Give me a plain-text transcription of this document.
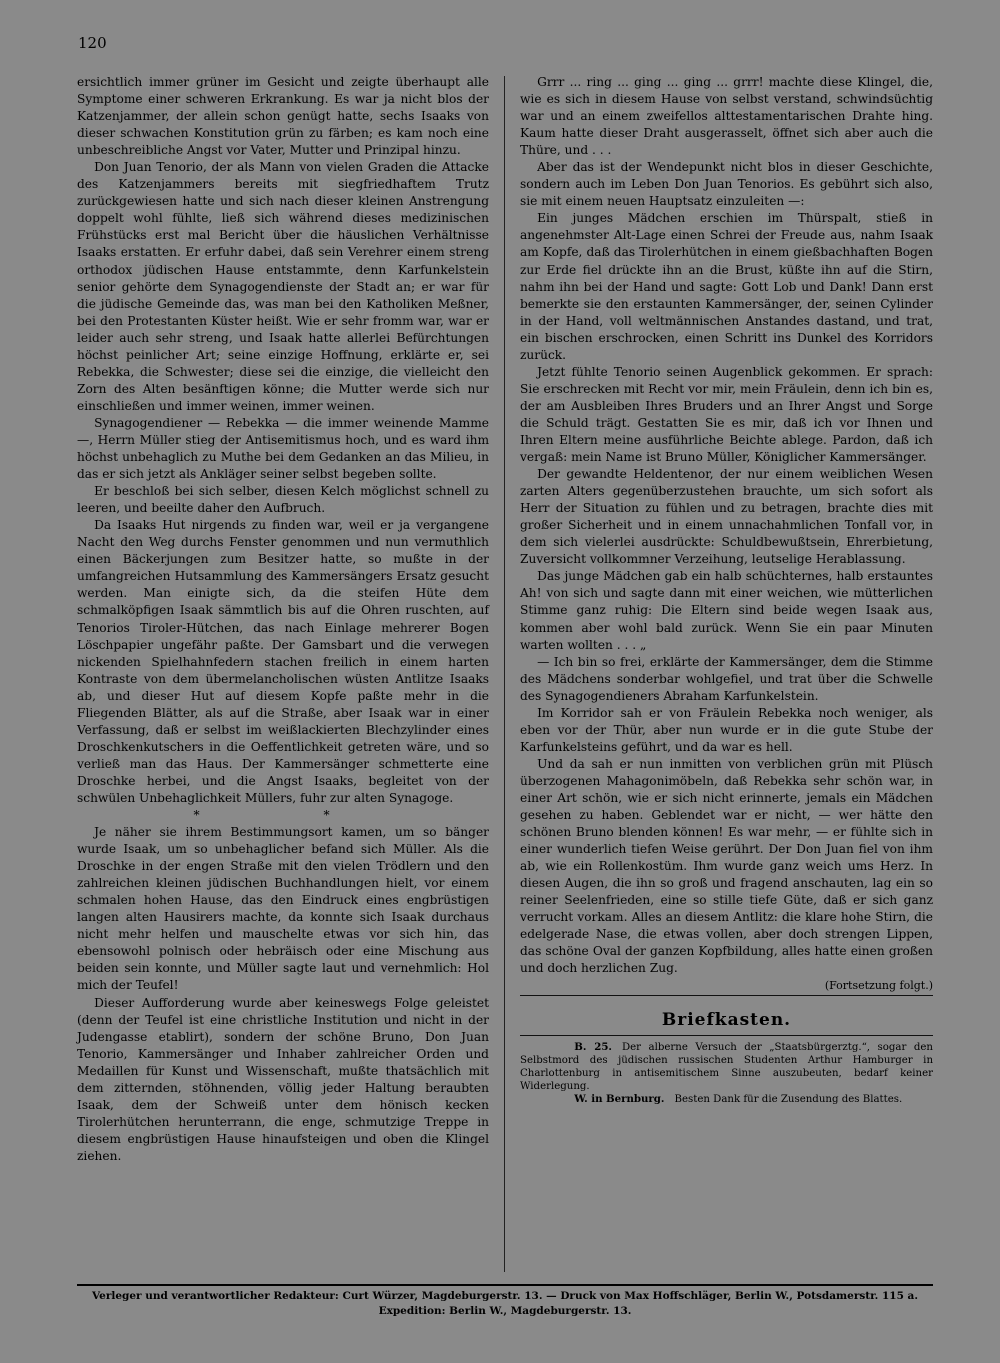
120

ersichtlich immer grüner im Gesicht und zeigte überhaupt alle Symptome einer schweren Erkrankung. Es war ja nicht blos der Katzenjammer, der allein schon genügt hatte, sechs Isaaks von dieser schwachen Konstitution grün zu färben; es kam noch eine unbeschreibliche Angst vor Vater, Mutter und Prinzipal hinzu.

Don Juan Tenorio, der als Mann von vielen Graden die Attacke des Katzenjammers bereits mit siegfriedhaftem Trutz zurückgewiesen hatte und sich nach dieser kleinen Anstrengung doppelt wohl fühlte, ließ sich während dieses medizinischen Frühstücks erst mal Bericht über die häuslichen Verhältnisse Isaaks erstatten. Er erfuhr dabei, daß sein Verehrer einem streng orthodox jüdischen Hause entstammte, denn Karfunkelstein senior gehörte dem Synagogendienste der Stadt an; er war für die jüdische Gemeinde das, was man bei den Katholiken Meßner, bei den Protestanten Küster heißt. Wie er sehr fromm war, war er leider auch sehr streng, und Isaak hatte allerlei Befürchtungen höchst peinlicher Art; seine einzige Hoffnung, erklärte er, sei Rebekka, die Schwester; diese sei die einzige, die vielleicht den Zorn des Alten besänftigen könne; die Mutter werde sich nur einschließen und immer weinen, immer weinen.

Synagogendiener — Rebekka — die immer weinende Mamme —, Herrn Müller stieg der Antisemitismus hoch, und es ward ihm höchst unbehaglich zu Muthe bei dem Gedanken an das Milieu, in das er sich jetzt als Ankläger seiner selbst begeben sollte.

Er beschloß bei sich selber, diesen Kelch möglichst schnell zu leeren, und beeilte daher den Aufbruch.

Da Isaaks Hut nirgends zu finden war, weil er ja vergangene Nacht den Weg durchs Fenster genommen und nun vermuthlich einen Bäckerjungen zum Besitzer hatte, so mußte in der umfangreichen Hutsammlung des Kammersängers Ersatz gesucht werden. Man einigte sich, da die steifen Hüte dem schmalköpfigen Isaak sämmtlich bis auf die Ohren ruschten, auf Tenorios Tiroler-Hütchen, das nach Einlage mehrerer Bogen Löschpapier ungefähr paßte. Der Gamsbart und die verwegen nickenden Spielhahnfedern stachen freilich in einem harten Kontraste von dem übermelancholischen wüsten Antlitze Isaaks ab, und dieser Hut auf diesem Kopfe paßte mehr in die Fliegenden Blätter, als auf die Straße, aber Isaak war in einer Verfassung, daß er selbst im weißlackierten Blechzylinder eines Droschkenkutschers in die Oeffentlichkeit getreten wäre, und so verließ man das Haus. Der Kammersänger schmetterte eine Droschke herbei, und die Angst Isaaks, begleitet von der schwülen Unbehaglichkeit Müllers, fuhr zur alten Synagoge.

* *

Je näher sie ihrem Bestimmungsort kamen, um so bänger wurde Isaak, um so unbehaglicher befand sich Müller. Als die Droschke in der engen Straße mit den vielen Trödlern und den zahlreichen kleinen jüdischen Buchhandlungen hielt, vor einem schmalen hohen Hause, das den Eindruck eines engbrüstigen langen alten Hausirers machte, da konnte sich Isaak durchaus nicht mehr helfen und mauschelte etwas vor sich hin, das ebensowohl polnisch oder hebräisch oder eine Mischung aus beiden sein konnte, und Müller sagte laut und vernehmlich: Hol mich der Teufel!

Dieser Aufforderung wurde aber keineswegs Folge geleistet (denn der Teufel ist eine christliche Institution und nicht in der Judengasse etablirt), sondern der schöne Bruno, Don Juan Tenorio, Kammersänger und Inhaber zahlreicher Orden und Medaillen für Kunst und Wissenschaft, mußte thatsächlich mit dem zitternden, stöhnenden, völlig jeder Haltung beraubten Isaak, dem der Schweiß unter dem hönisch kecken Tirolerhütchen herunterrann, die enge, schmutzige Treppe in diesem engbrüstigen Hause hinaufsteigen und oben die Klingel ziehen.

Grrr ... ring ... ging ... ging ... grrr! machte diese Klingel, die, wie es sich in diesem Hause von selbst verstand, schwindsüchtig war und an einem zweifellos alttestamentarischen Drahte hing. Kaum hatte dieser Draht ausgerasselt, öffnet sich aber auch die Thüre, und . . .

Aber das ist der Wendepunkt nicht blos in dieser Geschichte, sondern auch im Leben Don Juan Tenorios. Es gebührt sich also, sie mit einem neuen Hauptsatz einzuleiten —:

Ein junges Mädchen erschien im Thürspalt, stieß in angenehmster Alt-Lage einen Schrei der Freude aus, nahm Isaak am Kopfe, daß das Tirolerhütchen in einem gießbachhaften Bogen zur Erde fiel drückte ihn an die Brust, küßte ihn auf die Stirn, nahm ihn bei der Hand und sagte: Gott Lob und Dank! Dann erst bemerkte sie den erstaunten Kammersänger, der, seinen Cylinder in der Hand, voll weltmännischen Anstandes dastand, und trat, ein bischen erschrocken, einen Schritt ins Dunkel des Korridors zurück.

Jetzt fühlte Tenorio seinen Augenblick gekommen. Er sprach: Sie erschrecken mit Recht vor mir, mein Fräulein, denn ich bin es, der am Ausbleiben Ihres Bruders und an Ihrer Angst und Sorge die Schuld trägt. Gestatten Sie es mir, daß ich vor Ihnen und Ihren Eltern meine ausführliche Beichte ablege. Pardon, daß ich vergaß: mein Name ist Bruno Müller, Königlicher Kammersänger.

Der gewandte Heldentenor, der nur einem weiblichen Wesen zarten Alters gegenüberzustehen brauchte, um sich sofort als Herr der Situation zu fühlen und zu betragen, brachte dies mit großer Sicherheit und in einem unnachahmlichen Tonfall vor, in dem sich vielerlei ausdrückte: Schuldbewußtsein, Ehrerbietung, Zuversicht vollkommner Verzeihung, leutselige Herablassung.

Das junge Mädchen gab ein halb schüchternes, halb erstauntes Ah! von sich und sagte dann mit einer weichen, wie mütterlichen Stimme ganz ruhig: Die Eltern sind beide wegen Isaak aus, kommen aber wohl bald zurück. Wenn Sie ein paar Minuten warten wollten . . . „

— Ich bin so frei, erklärte der Kammersänger, dem die Stimme des Mädchens sonderbar wohlgefiel, und trat über die Schwelle des Synagogendieners Abraham Karfunkelstein.

Im Korridor sah er von Fräulein Rebekka noch weniger, als eben vor der Thür, aber nun wurde er in die gute Stube der Karfunkelsteins geführt, und da war es hell.

Und da sah er nun inmitten von verblichen grün mit Plüsch überzogenen Mahagonimöbeln, daß Rebekka sehr schön war, in einer Art schön, wie er sich nicht erinnerte, jemals ein Mädchen gesehen zu haben. Geblendet war er nicht, — wer hätte den schönen Bruno blenden können! Es war mehr, — er fühlte sich in einer wunderlich tiefen Weise gerührt. Der Don Juan fiel von ihm ab, wie ein Rollenkostüm. Ihm wurde ganz weich ums Herz. In diesen Augen, die ihn so groß und fragend anschauten, lag ein so reiner Seelenfrieden, eine so stille tiefe Güte, daß er sich ganz verrucht vorkam. Alles an diesem Antlitz: die klare hohe Stirn, die edelgerade Nase, die etwas vollen, aber doch strengen Lippen, das schöne Oval der ganzen Kopfbildung, alles hatte einen großen und doch herzlichen Zug.

(Fortsetzung folgt.)

Briefkasten.

B. 25. Der alberne Versuch der „Staatsbürgerztg.“, sogar den Selbstmord des jüdischen russischen Studenten Arthur Hamburger in Charlottenburg in antisemitischem Sinne auszubeuten, bedarf keiner Widerlegung.

W. in Bernburg. Besten Dank für die Zusendung des Blattes.

Verleger und verantwortlicher Redakteur: Curt Würzer, Magdeburgerstr. 13. — Druck von Max Hoffschläger, Berlin W., Potsdamerstr. 115 a.
Expedition: Berlin W., Magdeburgerstr. 13.
